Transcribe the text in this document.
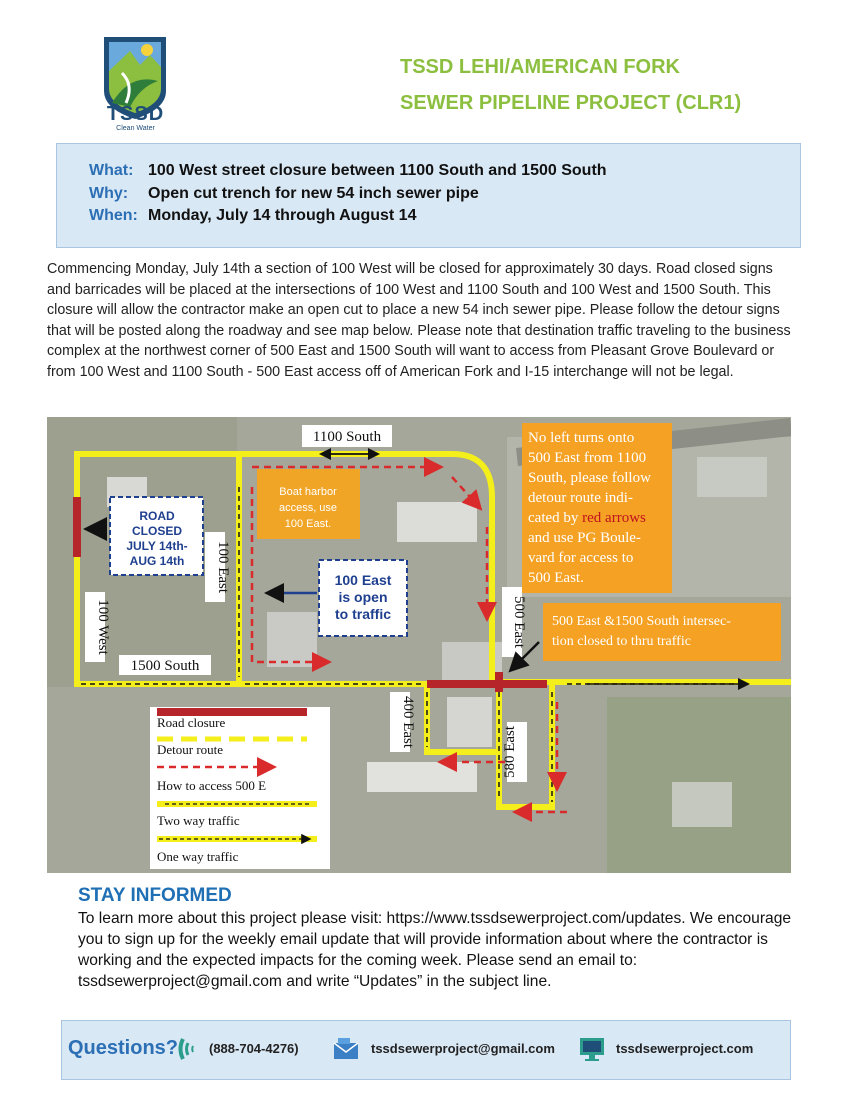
TSSD
Clean Water
TSSD LEHI/AMERICAN FORK
SEWER PIPELINE PROJECT (CLR1)
What: 100 West street closure between 1100 South and 1500 South
Why: Open cut trench for new 54 inch sewer pipe
When: Monday, July 14 through August 14
Commencing Monday, July 14th a section of 100 West will be closed for approximately 30 days. Road closed signs and barricades will be placed at the intersections of 100 West and 1100 South and 100 West and 1500 South. This closure will allow the contractor make an open cut to place a new 54 inch sewer pipe. Please follow the detour signs that will be posted along the roadway and see map below. Please note that destination traffic traveling to the business complex at the northwest corner of 500 East and 1500 South will want to access from Pleasant Grove Boulevard or from 100 West and 1100 South - 500 East access off of American Fork and I-15 interchange will not be legal.
1100 South
1500 South
100 West
100 East
500 East
400 East
580 East
ROAD
CLOSED
JULY 14th-
AUG 14th
Boat harbor
access, use
100 East.
100 East
is open
to traffic
No left turns onto
500 East from 1100
South, please follow
detour route indi-
cated by red arrows
and use PG Boule-
vard for access to
500 East.
500 East &1500 South intersec-
tion closed to thru traffic
Road closure
Detour route
How to access 500 E
Two way traffic
One way traffic
STAY INFORMED
To learn more about this project please visit: https://www.tssdsewerproject.com/updates. We encourage you to sign up for the weekly email update that will provide information about where the contractor is working and the expected impacts for the coming week. Please send an email to: tssdsewerproject@gmail.com and write “Updates” in the subject line.
Questions? (888-704-4276)	tssdsewerproject@gmail.com	tssdsewerproject.com
